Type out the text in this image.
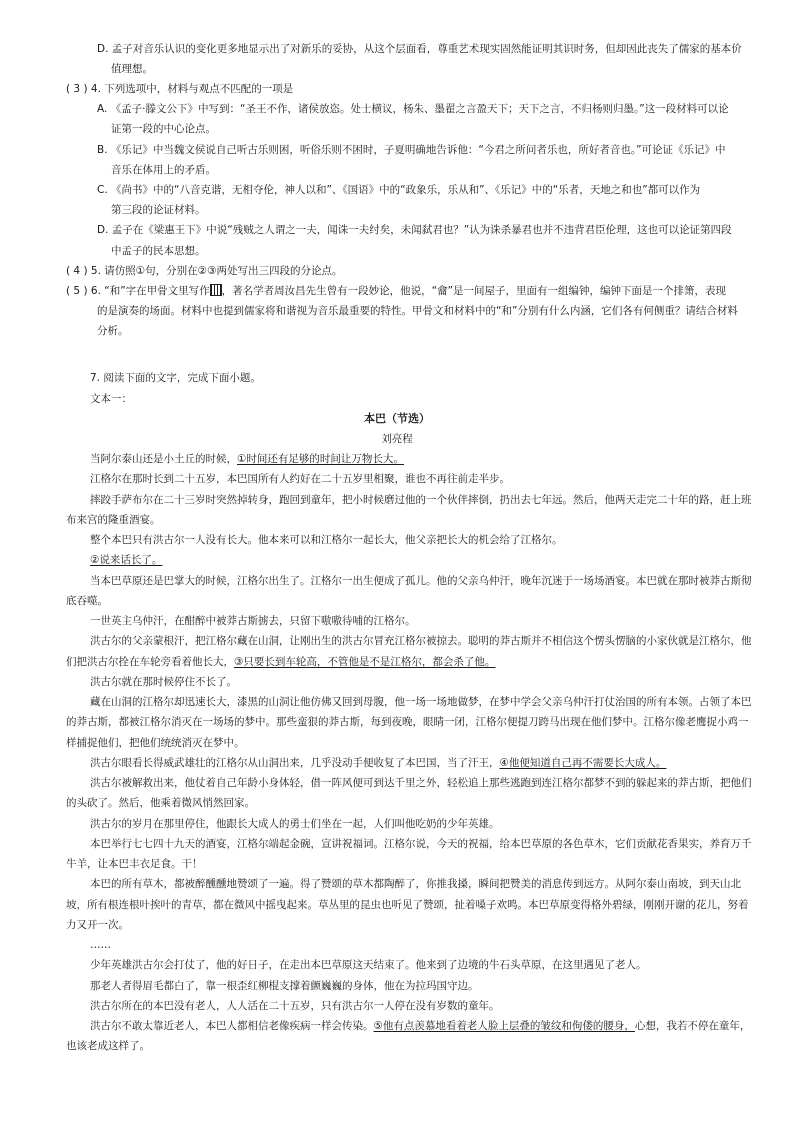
D. 孟子对音乐认识的变化更多地显示出了对新乐的妥协，从这个层面看，尊重艺术现实固然能证明其识时务，但却因此丧失了儒家的基本价
值理想。
( 3 ) 4. 下列选项中，材料与观点不匹配的一项是
A. 《孟子·滕文公下》中写到：“圣王不作，诸侯放恣。处士横议，杨朱、墨翟之言盈天下；天下之言，不归杨则归墨。”这一段材料可以论
证第一段的中心论点。
B. 《乐记》中当魏文侯说自己听古乐则困，听俗乐则不困时，子夏明确地告诉他：“今君之所问者乐也，所好者音也。”可论证《乐记》中
音乐在体用上的矛盾。
C. 《尚书》中的“八音克谐，无相夺伦，神人以和”、《国语》中的“政象乐，乐从和”、《乐记》中的“乐者，天地之和也”都可以作为
第三段的论证材料。
D. 孟子在《梁惠王下》中说“残贼之人谓之一夫，闻诛一夫纣矣，未闻弑君也？”认为诛杀暴君也并不违背君臣伦理，这也可以论证第四段
中孟子的民本思想。
( 4 ) 5. 请仿照①句，分别在②③两处写出三四段的分论点。
( 5 ) 6. “和”字在甲骨文里写作 ，著名学者周汝昌先生曾有一段妙论，他说，“龠”是一间屋子，里面有一组编钟，编钟下面是一个排箫，表现
的是演奏的场面。材料中也提到儒家将和谐视为音乐最重要的特性。甲骨文和材料中的“和”分别有什么内涵，它们各有何侧重？请结合材料
分析。
7. 阅读下面的文字，完成下面小题。
文本一：
本巴（节选）
刘亮程
当阿尔泰山还是小土丘的时候，①时间还有足够的时间让万物长大。
江格尔在那时长到二十五岁，本巴国所有人约好在二十五岁里相聚，谁也不再往前走半步。
摔跤手萨布尔在二十三岁时突然掉转身，跑回到童年，把小时候磨过他的一个伙伴摔倒，扔出去七年远。然后，他两天走完二十年的路，赶上班
布来宫的隆重酒宴。
整个本巴只有洪古尔一人没有长大。他本来可以和江格尔一起长大，他父亲把长大的机会给了江格尔。
②说来话长了。
当本巴草原还是巴掌大的时候，江格尔出生了。江格尔一出生便成了孤儿。他的父亲乌仲汗，晚年沉迷于一场场酒宴。本巴就在那时被莽古斯彻
底吞噬。
一世英主乌仲汗，在酣醉中被莽古斯掳去，只留下嗷嗷待哺的江格尔。
洪古尔的父亲蒙根汗，把江格尔藏在山洞，让刚出生的洪古尔冒充江格尔被掠去。聪明的莽古斯并不相信这个愣头愣脑的小家伙就是江格尔，他
们把洪古尔拴在车轮旁看着他长大，③只要长到车轮高，不管他是不是江格尔，都会杀了他。
洪古尔就在那时候停住不长了。
藏在山洞的江格尔却迅速长大，漆黑的山洞让他仿佛又回到母腹，他一场一场地做梦，在梦中学会父亲乌仲汗打仗治国的所有本领。占领了本巴
的莽古斯，都被江格尔消灭在一场场的梦中。那些蛮狠的莽古斯，每到夜晚，眼睛一闭，江格尔便提刀跨马出现在他们梦中。江格尔像老鹰捉小鸡一
样捕捉他们，把他们统统消灭在梦中。
洪古尔眼看长得威武雄壮的江格尔从山洞出来，几乎没动手便收复了本巴国，当了汗王，④他便知道自己再不需要长大成人。
洪古尔被解救出来，他仗着自己年龄小身体轻，借一阵风便可到达千里之外，轻松追上那些逃跑到连江格尔都梦不到的躲起来的莽古斯，把他们
的头砍了。然后，他乘着微风悄然回家。
洪古尔的岁月在那里停住，他跟长大成人的勇士们坐在一起，人们叫他吃奶的少年英雄。
本巴举行七七四十九天的酒宴，江格尔端起金碗，宣讲祝福词。江格尔说，今天的祝福，给本巴草原的各色草木，它们贡献花香果实，养育万千
牛羊，让本巴丰衣足食。干！
本巴的所有草木，都被醉醺醺地赞颂了一遍。得了赞颂的草木都陶醉了，你推我搡，瞬间把赞美的消息传到远方。从阿尔泰山南坡，到天山北
坡，所有根连根叶挨叶的青草，都在微风中摇曳起来。草丛里的昆虫也听见了赞颂，扯着嗓子欢鸣。本巴草原变得格外碧绿，刚刚开谢的花儿，努着
力又开一次。
……
少年英雄洪古尔会打仗了，他的好日子，在走出本巴草原这天结束了。他来到了边境的牛石头草原，在这里遇见了老人。
那老人者得眉毛都白了，靠一根歪红柳棍支撑着颤巍巍的身体，他在为拉玛国守边。
洪古尔所在的本巴没有老人，人人活在二十五岁，只有洪古尔一人停在没有岁数的童年。
洪古尔不敢太靠近老人，本巴人都相信老像疾病一样会传染。⑤他有点羡慕地看着老人脸上层叠的皱纹和佝偻的腰身，心想，我若不停在童年，
也该老成这样了。
